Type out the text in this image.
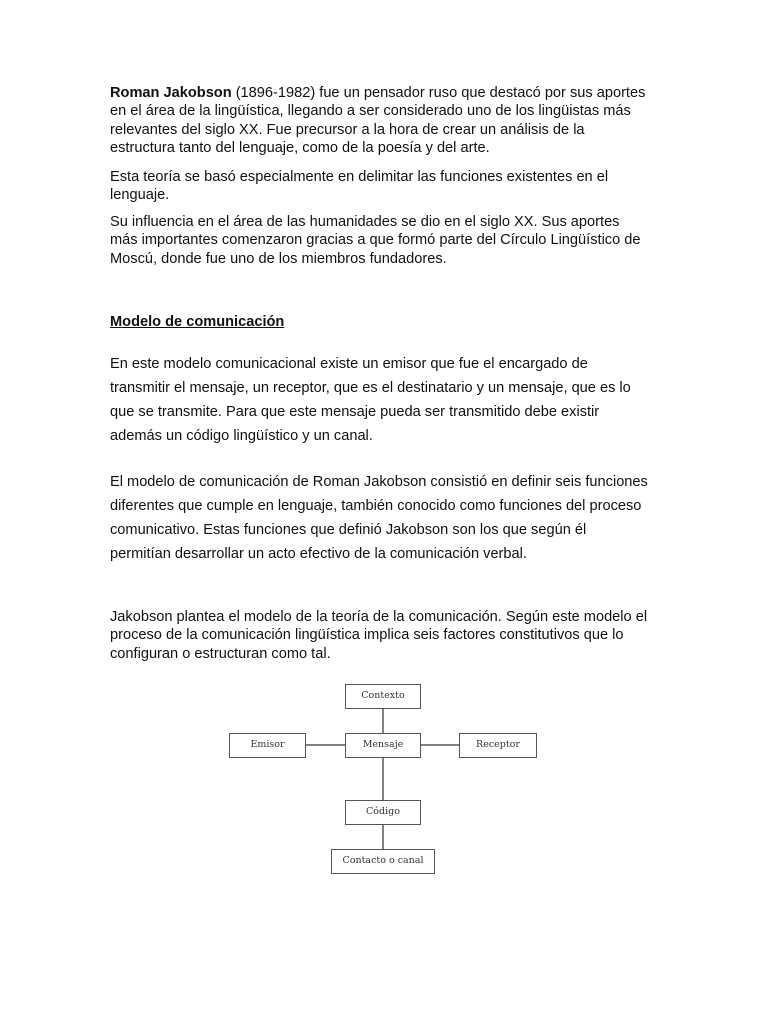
Roman Jakobson (1896-1982) fue un pensador ruso que destacó por sus aportes en el área de la lingüística, llegando a ser considerado uno de los lingüistas más relevantes del siglo XX. Fue precursor a la hora de crear un análisis de la estructura tanto del lenguaje, como de la poesía y del arte.

Esta teoría se basó especialmente en delimitar las funciones existentes en el lenguaje.

Su influencia en el área de las humanidades se dio en el siglo XX. Sus aportes más importantes comenzaron gracias a que formó parte del Círculo Lingüístico de Moscú, donde fue uno de los miembros fundadores.

Modelo de comunicación

En este modelo comunicacional existe un emisor que fue el encargado de transmitir el mensaje, un receptor, que es el destinatario y un mensaje, que es lo que se transmite. Para que este mensaje pueda ser transmitido debe existir además un código lingüístico y un canal.

El modelo de comunicación de Roman Jakobson consistió en definir seis funciones diferentes que cumple en lenguaje, también conocido como funciones del proceso comunicativo. Estas funciones que definió Jakobson son los que según él permitían desarrollar un acto efectivo de la comunicación verbal.

Jakobson plantea el modelo de la teoría de la comunicación. Según este modelo el proceso de la comunicación lingüística implica seis factores constitutivos que lo configuran o estructuran como tal.

Contexto
Emisor	Mensaje	Receptor
Código
Contacto o canal
